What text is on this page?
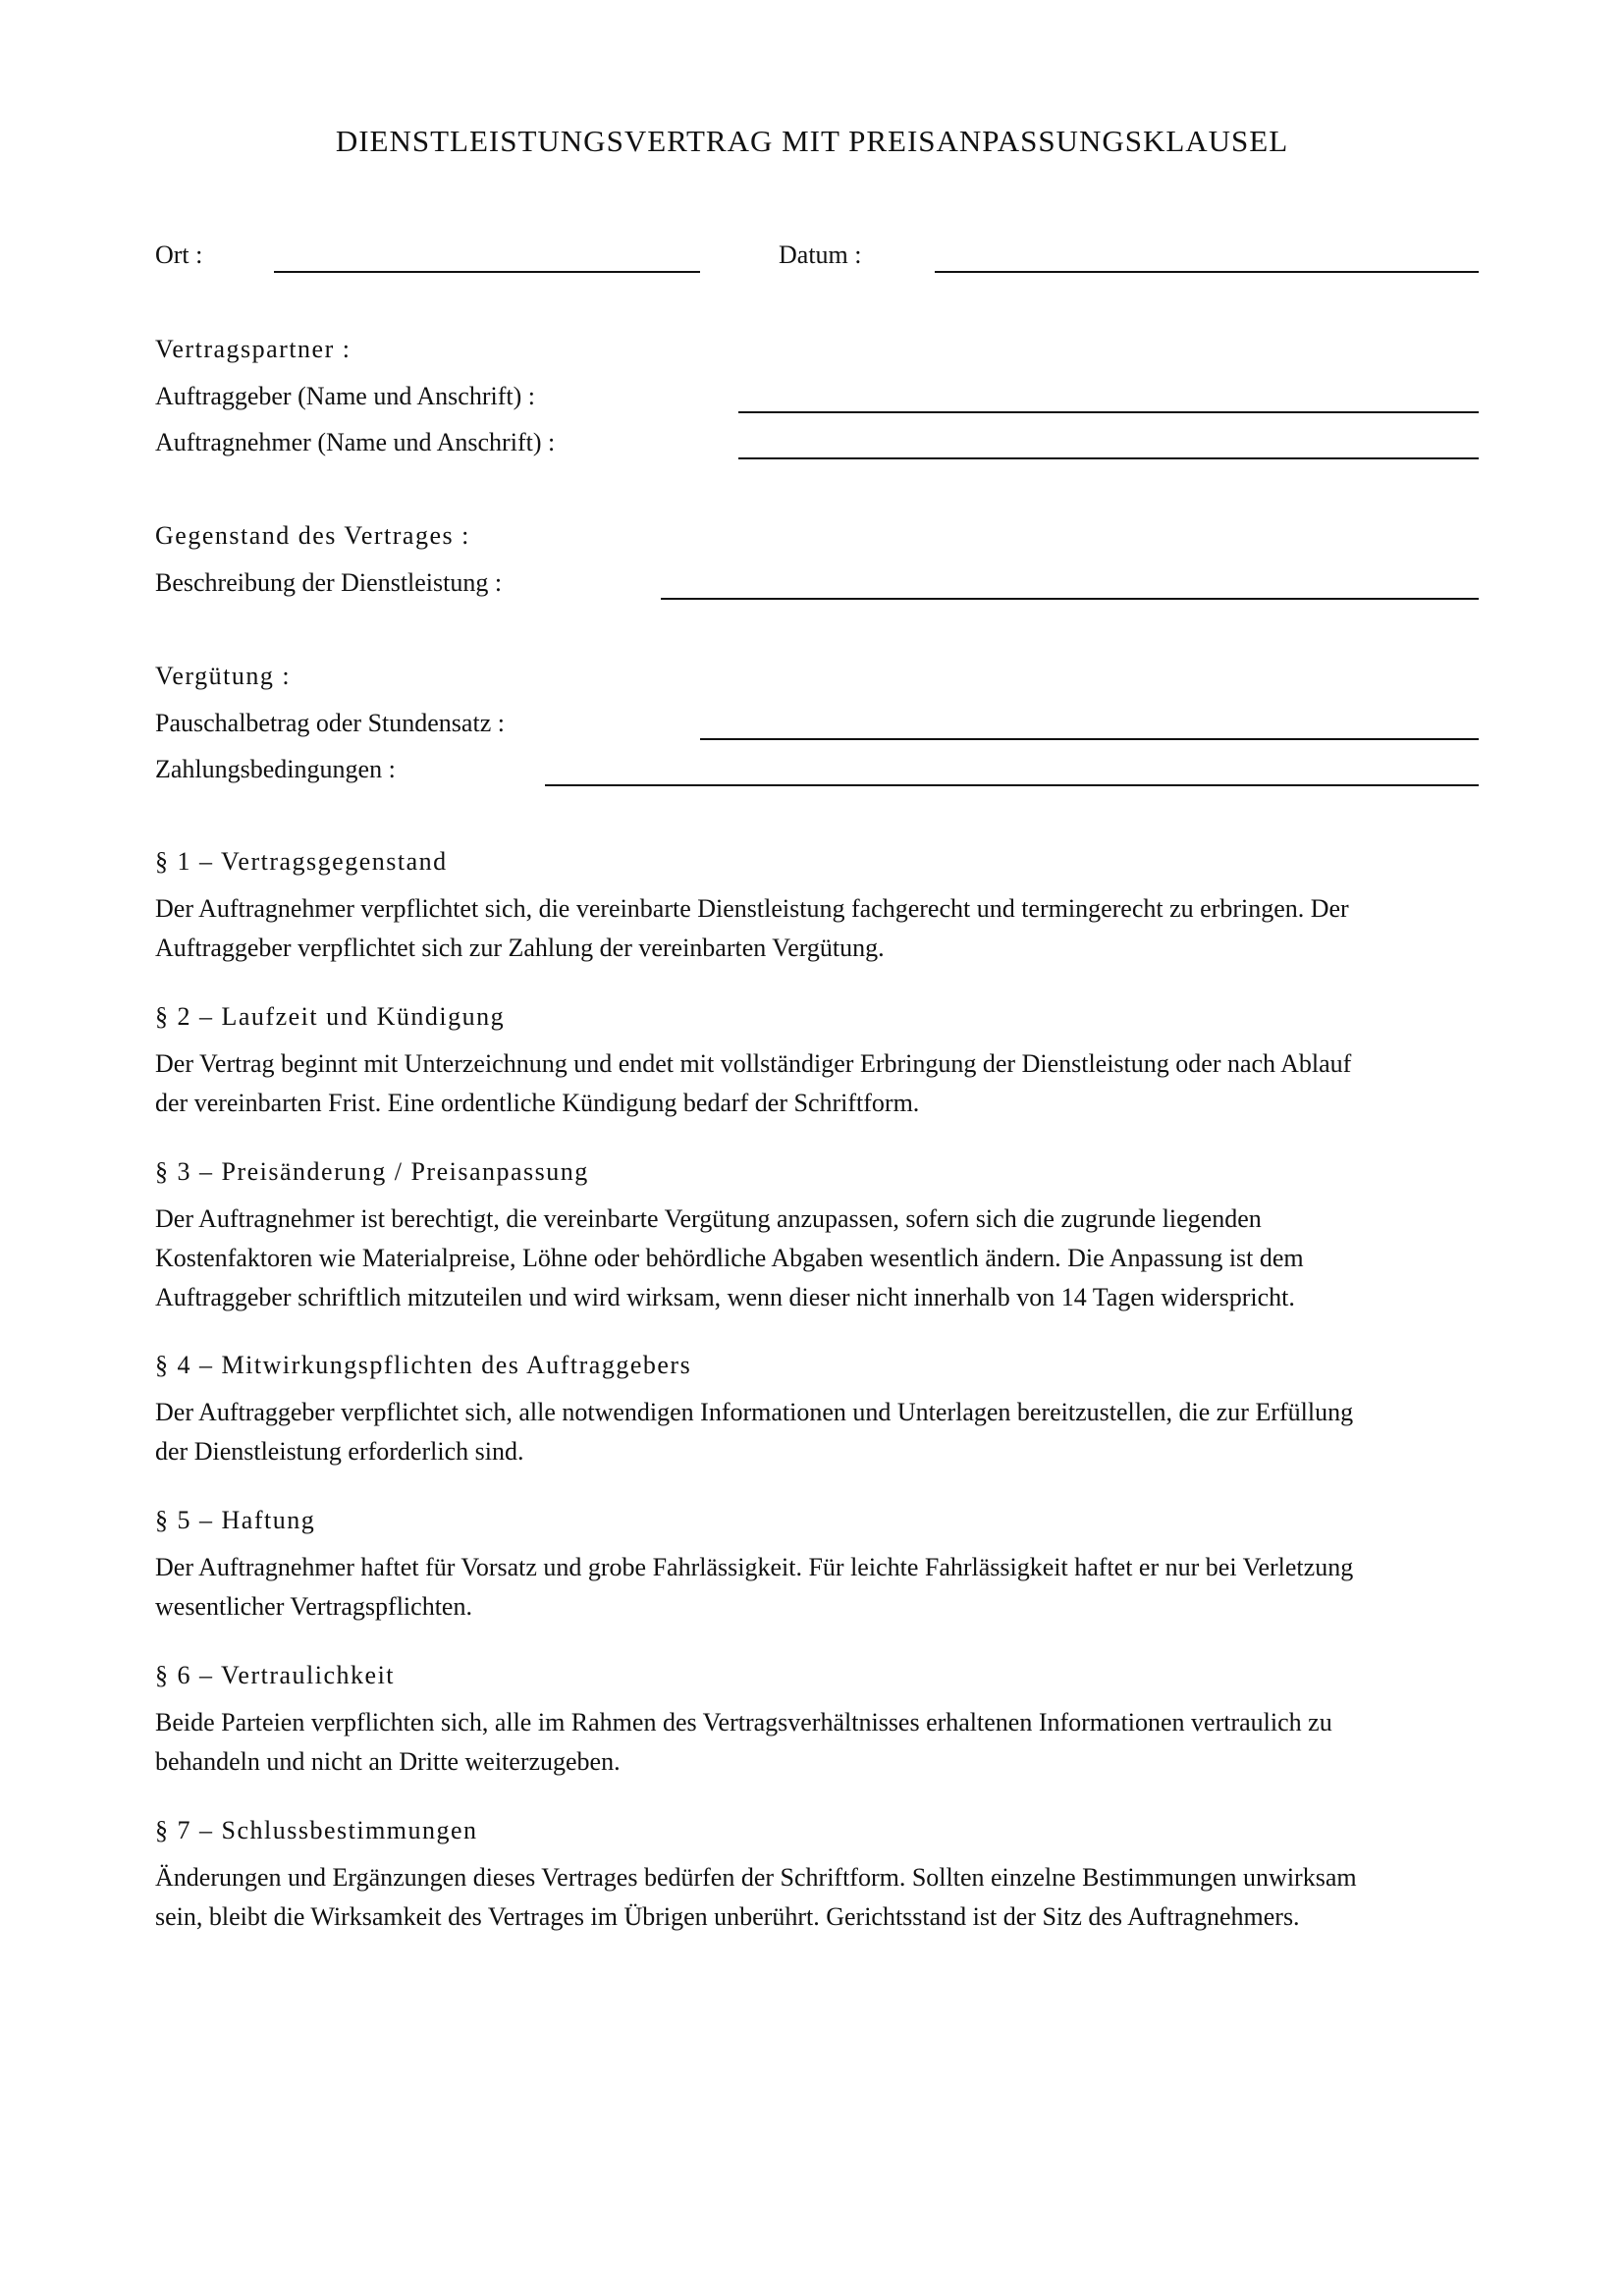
DIENSTLEISTUNGSVERTRAG MIT PREISANPASSUNGSKLAUSEL
Ort :	Datum :
Vertragspartner :
Auftraggeber (Name und Anschrift) :
Auftragnehmer (Name und Anschrift) :
Gegenstand des Vertrages :
Beschreibung der Dienstleistung :
Vergütung :
Pauschalbetrag oder Stundensatz :
Zahlungsbedingungen :
§ 1 – Vertragsgegenstand
Der Auftragnehmer verpflichtet sich, die vereinbarte Dienstleistung fachgerecht und termingerecht zu erbringen. Der
Auftraggeber verpflichtet sich zur Zahlung der vereinbarten Vergütung.
§ 2 – Laufzeit und Kündigung
Der Vertrag beginnt mit Unterzeichnung und endet mit vollständiger Erbringung der Dienstleistung oder nach Ablauf
der vereinbarten Frist. Eine ordentliche Kündigung bedarf der Schriftform.
§ 3 – Preisänderung / Preisanpassung
Der Auftragnehmer ist berechtigt, die vereinbarte Vergütung anzupassen, sofern sich die zugrunde liegenden
Kostenfaktoren wie Materialpreise, Löhne oder behördliche Abgaben wesentlich ändern. Die Anpassung ist dem
Auftraggeber schriftlich mitzuteilen und wird wirksam, wenn dieser nicht innerhalb von 14 Tagen widerspricht.
§ 4 – Mitwirkungspflichten des Auftraggebers
Der Auftraggeber verpflichtet sich, alle notwendigen Informationen und Unterlagen bereitzustellen, die zur Erfüllung
der Dienstleistung erforderlich sind.
§ 5 – Haftung
Der Auftragnehmer haftet für Vorsatz und grobe Fahrlässigkeit. Für leichte Fahrlässigkeit haftet er nur bei Verletzung
wesentlicher Vertragspflichten.
§ 6 – Vertraulichkeit
Beide Parteien verpflichten sich, alle im Rahmen des Vertragsverhältnisses erhaltenen Informationen vertraulich zu
behandeln und nicht an Dritte weiterzugeben.
§ 7 – Schlussbestimmungen
Änderungen und Ergänzungen dieses Vertrages bedürfen der Schriftform. Sollten einzelne Bestimmungen unwirksam
sein, bleibt die Wirksamkeit des Vertrages im Übrigen unberührt. Gerichtsstand ist der Sitz des Auftragnehmers.
